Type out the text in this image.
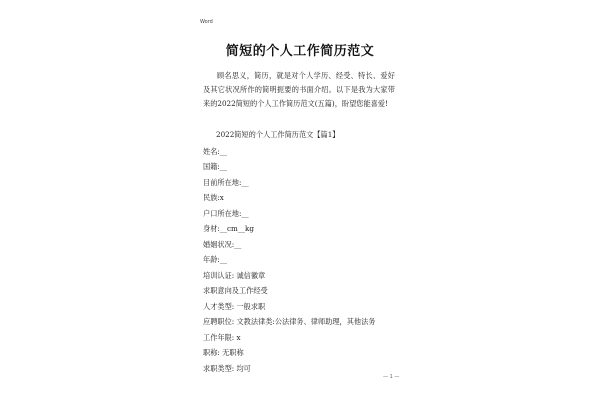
Word
简短的个人工作简历范文
顾名思义，简历，就是对个人学历、经受、特长、爱好及其它状况所作的简明扼要的书面介绍。以下是我为大家带来的2022简短的个人工作简历范文(五篇)，盼望您能喜爱!
2022简短的个人工作简历范文【篇1】
姓名:__
国籍:__
目前所在地:__
民族:x
户口所在地:__
身材:__cm__kg
婚姻状况:__
年龄:__
培训认证: 诚信徽章
求职意向及工作经受
人才类型: 一般求职
应聘职位: 文教法律类:公法律务、律师助理，其他法务
工作年限: x
职称: 无职称
求职类型: 均可
— 1 —
